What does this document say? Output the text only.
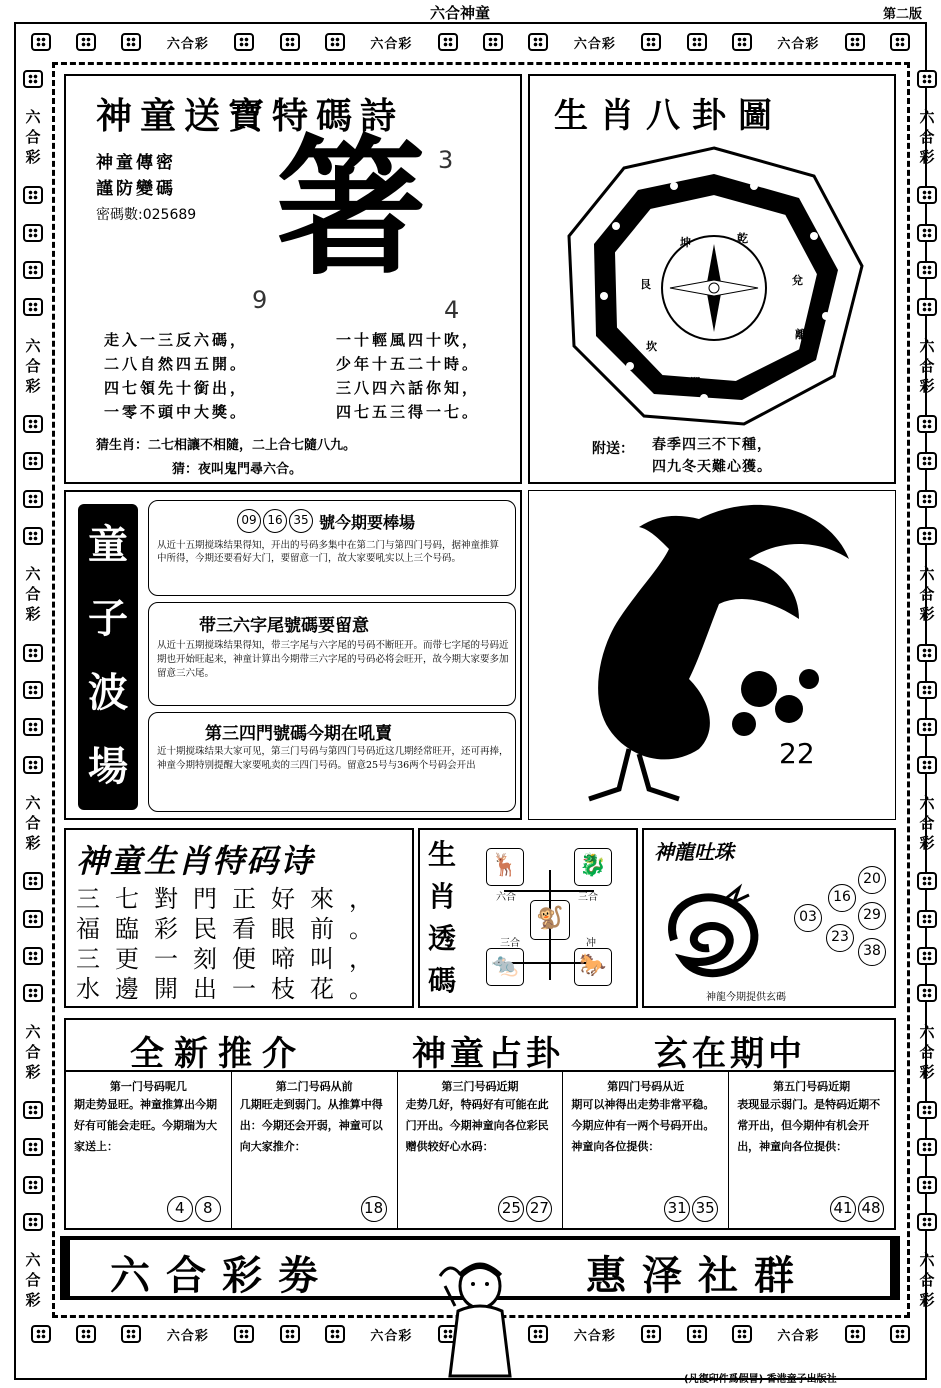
六合神童	第二版
六合彩	六合彩	六合彩	六合彩
六合彩	六合彩	六合彩	六合彩
六合彩
六合彩
六合彩
六合彩
六合彩
六合彩
六合彩
六合彩
六合彩
六合彩
六合彩
六合彩
神童送寶特碼詩
神童傳密
謹防變碼
密碼數:025689 箸 3
9	4
走入一三反六碼，
二八自然四五開。
四七領先十銜出，
一零不頭中大獎。
一十輕風四十吹，
少年十五二十時。
三八四六話你知，
四七五三得一七。
猜生肖：二七相讓不相隨，二上合七隨八九。
猜：夜叫鬼門尋六合。
生肖八卦圖
乾
兌
離
震
巽
坎
艮
坤
附送： 春季四三不下種，
四九冬天難心獲。
童
子
波
場
09 16 35 號今期要棒場
从近十五期搅珠结果得知，开出的号码多集中在第二门与第四门号码，据神童推算中所得，今期还要看好大门，要留意一门，故大家要吼实以上三个号码。
带三六字尾號碼要留意
从近十五期搅珠结果得知，带三字尾与六字尾的号码不断旺开。而带七字尾的号码近期也开始旺起来，神童计算出今期带三六字尾的号码必将会旺开，故今期大家要多加留意三六尾。
第三四門號碼今期在吼賣
近十期搅珠结果大家可见，第三门号码与第四门号码近这几期经常旺开，还可再捧，神童今期特别提醒大家要吼卖的三四门号码。留意25号与36两个号码会开出	22
神童生肖特码诗
三七對門正好來，
福臨彩民看眼前。
三更一刻便啼叫，
水邊開出一枝花。
生
肖
透
碼
🦌	🐉
🐒
🐀	🐎
六合	三合
三合	冲
神龍吐珠
20
16
29
03
23
38
神龍今期提供玄碼
全新推介	神童占卦	玄在期中
第一门号码呢几
期走势显旺。神童推算出今期好有可能会走旺。今期瑞为大家送上：
4	8
第二门号码从前
几期旺走到弱门。从推算中得出：今期还会开弱，神童可以向大家推介：
18
第三门号码近期
走势几好，特码好有可能在此门开出。今期神童向各位彩民赠供较好心水码：
25 27
第四门号码从近
期可以神得出走势非常平稳。今期应仲有一两个号码开出。神童向各位提供：
31 35
第五门号码近期
表现显示弱门。是特码近期不常开出，但今期仲有机会开出，神童向各位提供：
41 48
六合彩劵	惠泽社群
(凡復印件爲假冒) 香港童子出版社
